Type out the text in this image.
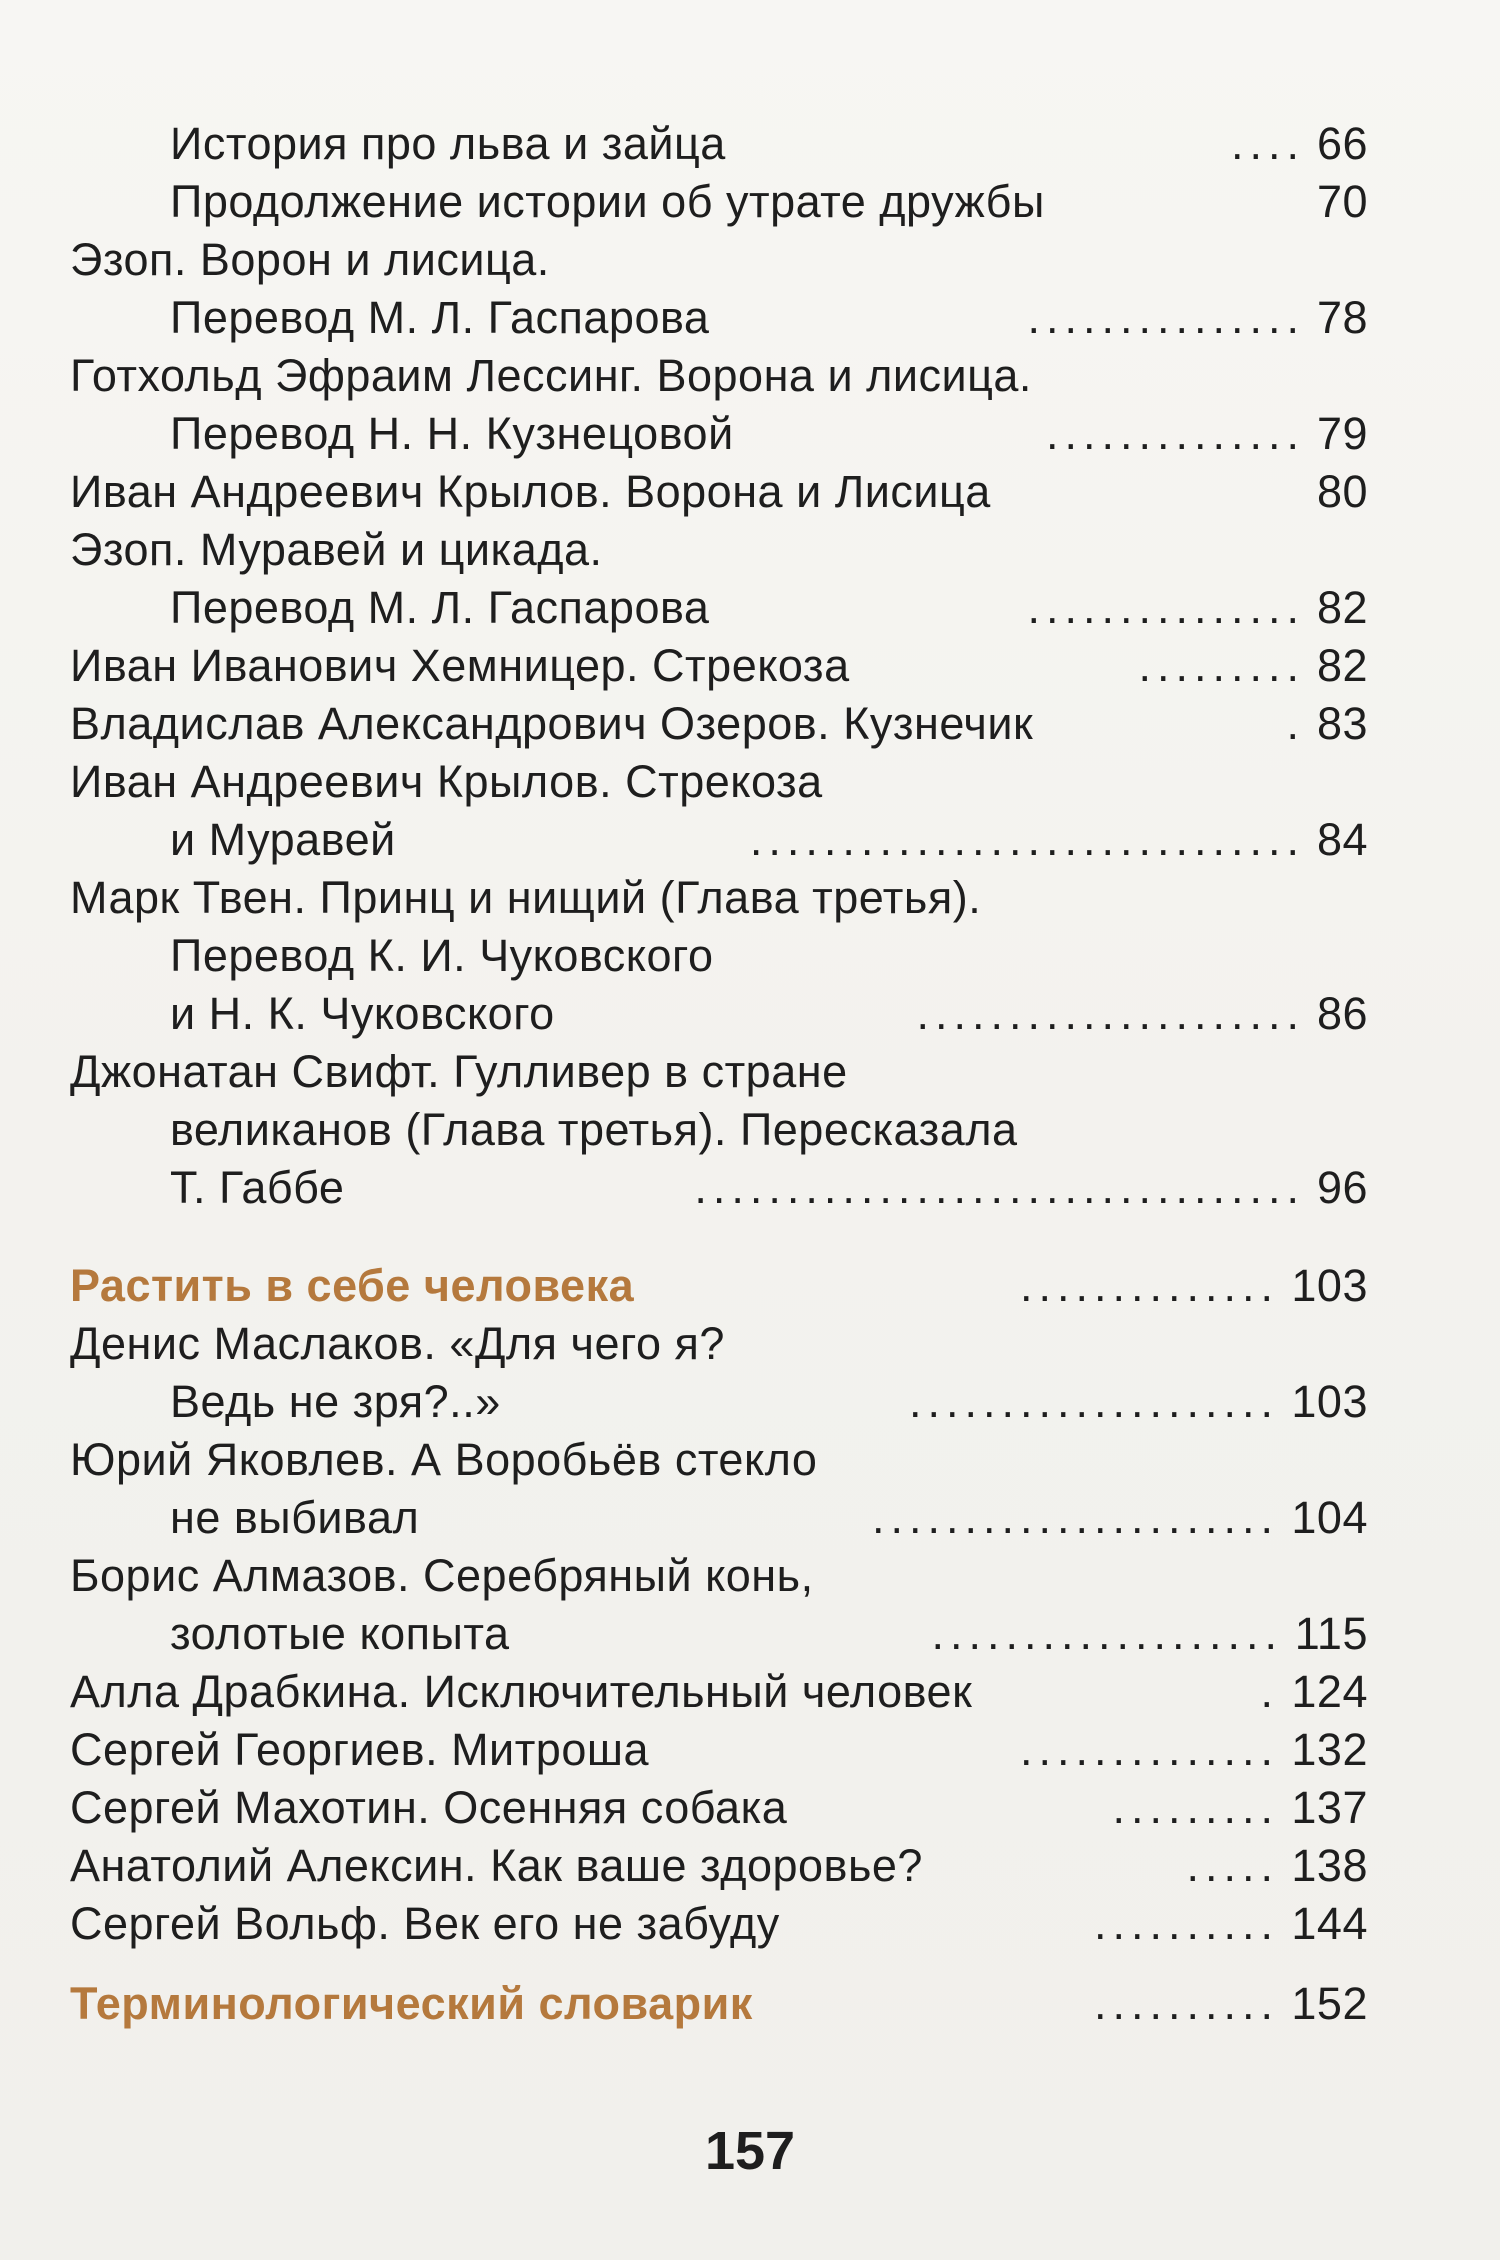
История про льва и зайца	66
....
Продолжение истории об утрате дружбы	70
Эзоп. Ворон и лисица.
Перевод М. Л. Гаспарова	78
...............
Готхольд Эфраим Лессинг. Ворона и лисица.
Перевод Н. Н. Кузнецовой	79
..............
Иван Андреевич Крылов. Ворона и Лисица	80
Эзоп. Муравей и цикада.
Перевод М. Л. Гаспарова	82
...............
Иван Иванович Хемницер. Стрекоза	82
.........
Владислав Александрович Озеров. Кузнечик	83
.
Иван Андреевич Крылов. Стрекоза
и Муравей	84
..............................
Марк Твен. Принц и нищий (Глава третья).
Перевод К. И. Чуковского
и Н. К. Чуковского	86
.....................
Джонатан Свифт. Гулливер в стране
великанов (Глава третья). Пересказала
Т. Габбе	96
.................................
Растить в себе человека	103
..............
Денис Маслаков. «Для чего я?
Ведь не зря?..»	103
....................
Юрий Яковлев. А Воробьёв стекло
не выбивал	104
......................
Борис Алмазов. Серебряный конь,
золотые копыта	115
...................
Алла Драбкина. Исключительный человек	124
.
Сергей Георгиев. Митроша	132
..............
Сергей Махотин. Осенняя собака	137
.........
Анатолий Алексин. Как ваше здоровье?	138
.....
Сергей Вольф. Век его не забуду	144
..........
Терминологический словарик	152
..........
157
